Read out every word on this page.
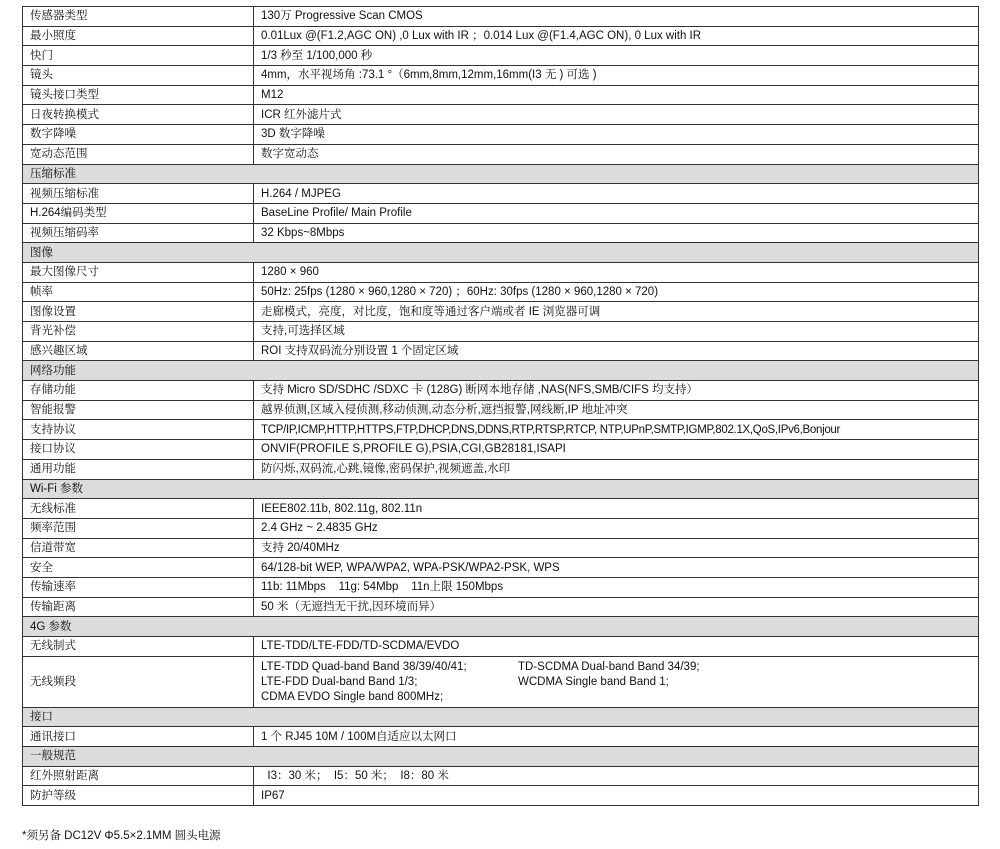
传感器类型	130万 Progressive Scan CMOS
最小照度	0.01Lux @(F1.2,AGC ON) ,0 Lux with IR ；0.014 Lux @(F1.4,AGC ON), 0 Lux with IR
快门	1/3 秒至 1/100,000 秒
镜头	4mm，水平视场角 :73.1 °（6mm,8mm,12mm,16mm(I3 无 ) 可选 )
镜头接口类型	M12
日夜转换模式	ICR 红外滤片式
数字降噪	3D 数字降噪
宽动态范围	数字宽动态
压缩标准	
视频压缩标准	H.264 / MJPEG
H.264编码类型	BaseLine Profile/ Main Profile
视频压缩码率	32 Kbps~8Mbps
图像	
最大图像尺寸	1280 × 960
帧率	50Hz: 25fps (1280 × 960,1280 × 720) ；60Hz: 30fps (1280 × 960,1280 × 720)
图像设置	走廊模式，亮度，对比度，饱和度等通过客户端或者 IE 浏览器可调
背光补偿	支持,可选择区域
感兴趣区域	ROI 支持双码流分别设置 1 个固定区域
网络功能	
存储功能	支持 Micro SD/SDHC /SDXC 卡 (128G) 断网本地存储 ,NAS(NFS,SMB/CIFS 均支持）
智能报警	越界侦测,区域入侵侦测,移动侦测,动态分析,遮挡报警,网线断,IP 地址冲突
支持协议	TCP/IP,ICMP,HTTP,HTTPS,FTP,DHCP,DNS,DDNS,RTP,RTSP,RTCP, NTP,UPnP,SMTP,IGMP,802.1X,QoS,IPv6,Bonjour
接口协议	ONVIF(PROFILE S,PROFILE G),PSIA,CGI,GB28181,ISAPI
通用功能	防闪烁,双码流,心跳,镜像,密码保护,视频遮盖,水印
Wi-Fi 参数	
无线标准	IEEE802.11b, 802.11g, 802.11n
频率范围	2.4 GHz ~ 2.4835 GHz
信道带宽	支持 20/40MHz
安全	64/128-bit WEP, WPA/WPA2, WPA-PSK/WPA2-PSK, WPS
传输速率	11b: 11Mbps    11g: 54Mbp    11n上限 150Mbps
传输距离	50 米（无遮挡无干扰,因环境而异）
4G 参数	
无线制式	LTE-TDD/LTE-FDD/TD-SCDMA/EVDO
无线频段	LTE-TDD Quad-band Band 38/39/40/41; TD-SCDMA Dual-band Band 34/39;
LTE-FDD Dual-band Band 1/3; WCDMA Single band Band 1;
CDMA EVDO Single band 800MHz;

接口	
通讯接口	1 个 RJ45 10M / 100M自适应以太网口
一般规范	
红外照射距离	I3：30 米；  I5：50 米；  I8：80 米
防护等级	IP67
*须另备 DC12V Φ5.5×2.1MM 圆头电源
